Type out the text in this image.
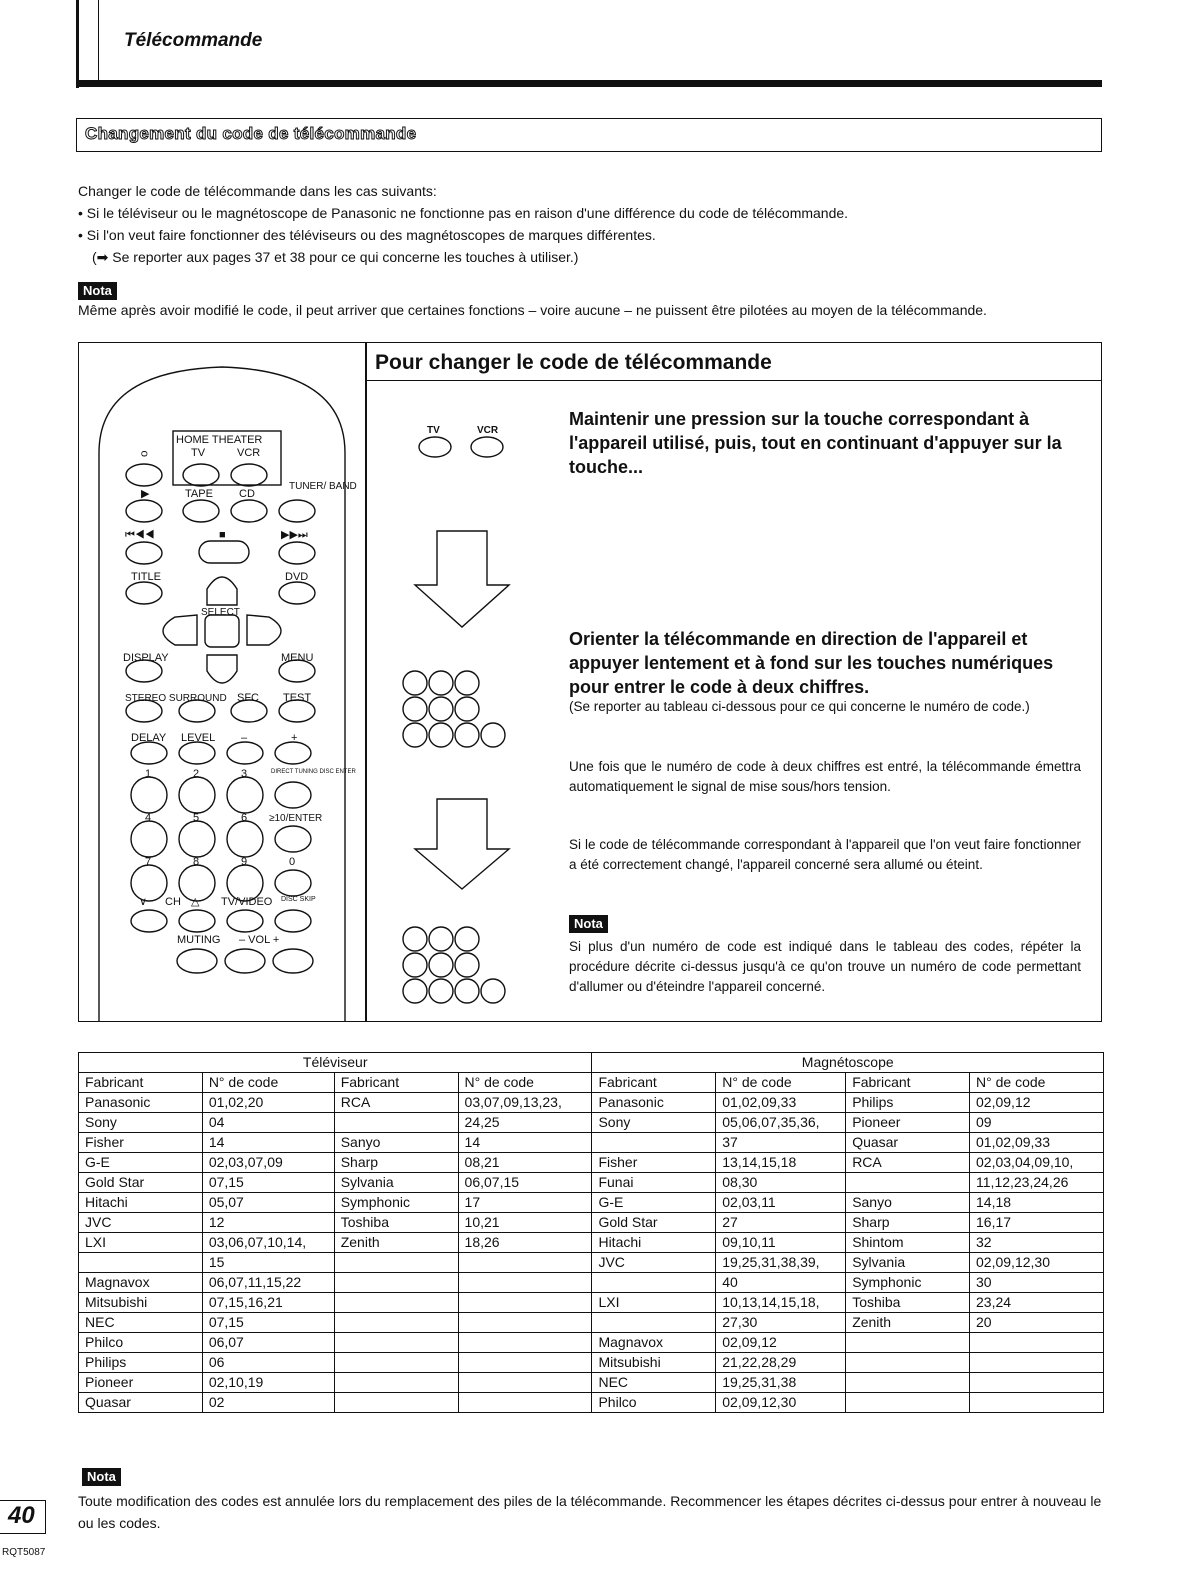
Télécommande
Changement du code de télécommande
Changer le code de télécommande dans les cas suivants:
• Si le téléviseur ou le magnétoscope de Panasonic ne fonctionne pas en raison d'une différence du code de télécommande.
• Si l'on veut faire fonctionner des téléviseurs ou des magnétoscopes de marques différentes.
(➡ Se reporter aux pages 37 et 38 pour ce qui concerne les touches à utiliser.)
Nota
Même après avoir modifié le code, il peut arriver que certaines fonctions – voire aucune – ne puissent être pilotées au moyen de la télécommande.
Pour changer le code de télécommande
HOME THEATER
TV	VCR
ᴑ
TUNER/ BAND
TAPE CD
▶
⏮◀◀	■	▶▶⏭
TITLE	DVD
SELECT
DISPLAY	MENU
STEREO SURROUND SFC TEST
DELAY LEVEL –	+
DIRECT TUNING DISC ENTER
1	2	3
4	5	6 ≥10/ENTER
7	8	9	0
∨ CH △ TV/VIDEO DISC SKIP
MUTING – VOL +
TV	VCR
Maintenir une pression sur la touche correspondant à l'appareil utilisé, puis, tout en continuant d'appuyer sur la touche...
Orienter la télécommande en direction de l'appareil et appuyer lentement et à fond sur les touches numériques pour entrer le code à deux chiffres.
(Se reporter au tableau ci-dessous pour ce qui concerne le numéro de code.)
Une fois que le numéro de code à deux chiffres est entré, la télécommande émettra automatiquement le signal de mise sous/hors tension.
Si le code de télécommande correspondant à l'appareil que l'on veut faire fonctionner a été correctement changé, l'appareil concerné sera allumé ou éteint.
Nota
Si plus d'un numéro de code est indiqué dans le tableau des codes, répéter la procédure décrite ci-dessus jusqu'à ce qu'on trouve un numéro de code permettant d'allumer ou d'éteindre l'appareil concerné.
Téléviseur				Magnétoscope			
Fabricant	N° de code	Fabricant	N° de code	Fabricant	N° de code	Fabricant	N° de code
Panasonic	01,02,20	RCA	03,07,09,13,23,	Panasonic	01,02,09,33	Philips	02,09,12
Sony	04		24,25	Sony	05,06,07,35,36,	Pioneer	09
Fisher	14	Sanyo	14		37	Quasar	01,02,09,33
G-E	02,03,07,09	Sharp	08,21	Fisher	13,14,15,18	RCA	02,03,04,09,10,
Gold Star	07,15	Sylvania	06,07,15	Funai	08,30		11,12,23,24,26
Hitachi	05,07	Symphonic	17	G-E	02,03,11	Sanyo	14,18
JVC	12	Toshiba	10,21	Gold Star	27	Sharp	16,17
LXI	03,06,07,10,14,	Zenith	18,26	Hitachi	09,10,11	Shintom	32
	15			JVC	19,25,31,38,39,	Sylvania	02,09,12,30
Magnavox	06,07,11,15,22				40	Symphonic	30
Mitsubishi	07,15,16,21			LXI	10,13,14,15,18,	Toshiba	23,24
NEC	07,15				27,30	Zenith	20
Philco	06,07			Magnavox	02,09,12		
Philips	06			Mitsubishi	21,22,28,29		
Pioneer	02,10,19			NEC	19,25,31,38		
Quasar	02			Philco	02,09,12,30		
Nota
Toute modification des codes est annulée lors du remplacement des piles de la télécommande. Recommencer les étapes décrites ci-dessus pour entrer à nouveau le ou les codes.
40
RQT5087
